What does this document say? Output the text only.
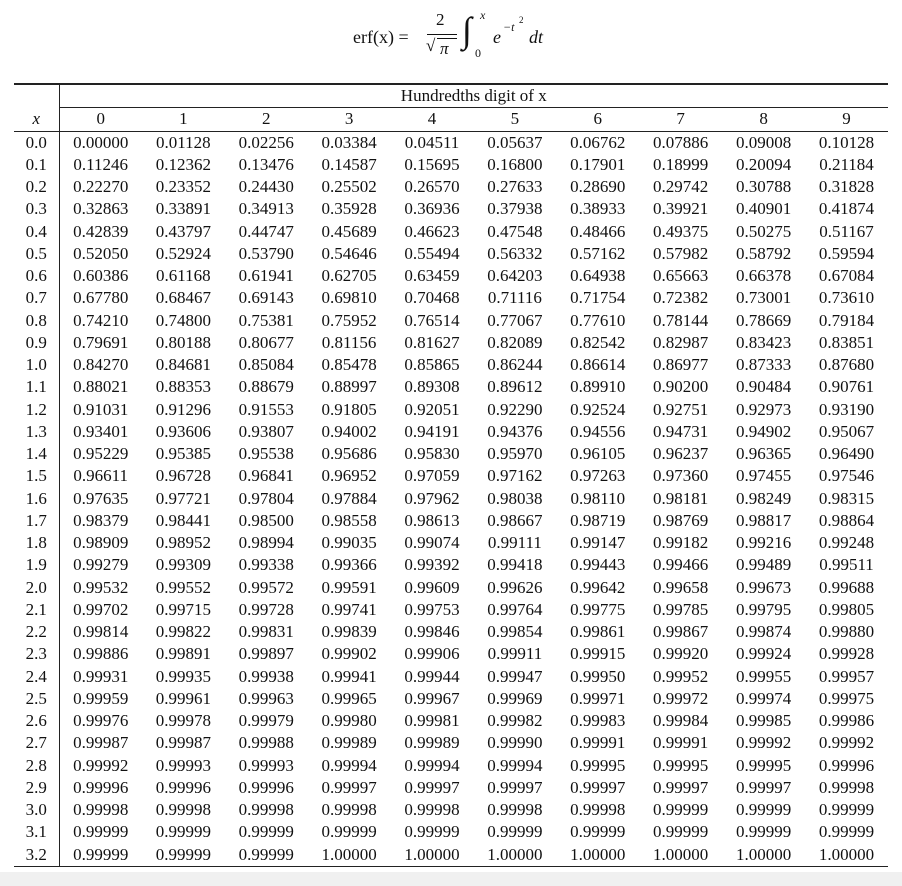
erf(x) =
2
√ π ∫ x
0
e −t 2
dt

	Hundredths digit of x									
x	0	1	2	3	4	5	6	7	8	9
0.0	0.00000	0.01128	0.02256	0.03384	0.04511	0.05637	0.06762	0.07886	0.09008	0.10128
0.1	0.11246	0.12362	0.13476	0.14587	0.15695	0.16800	0.17901	0.18999	0.20094	0.21184
0.2	0.22270	0.23352	0.24430	0.25502	0.26570	0.27633	0.28690	0.29742	0.30788	0.31828
0.3	0.32863	0.33891	0.34913	0.35928	0.36936	0.37938	0.38933	0.39921	0.40901	0.41874
0.4	0.42839	0.43797	0.44747	0.45689	0.46623	0.47548	0.48466	0.49375	0.50275	0.51167
0.5	0.52050	0.52924	0.53790	0.54646	0.55494	0.56332	0.57162	0.57982	0.58792	0.59594
0.6	0.60386	0.61168	0.61941	0.62705	0.63459	0.64203	0.64938	0.65663	0.66378	0.67084
0.7	0.67780	0.68467	0.69143	0.69810	0.70468	0.71116	0.71754	0.72382	0.73001	0.73610
0.8	0.74210	0.74800	0.75381	0.75952	0.76514	0.77067	0.77610	0.78144	0.78669	0.79184
0.9	0.79691	0.80188	0.80677	0.81156	0.81627	0.82089	0.82542	0.82987	0.83423	0.83851
1.0	0.84270	0.84681	0.85084	0.85478	0.85865	0.86244	0.86614	0.86977	0.87333	0.87680
1.1	0.88021	0.88353	0.88679	0.88997	0.89308	0.89612	0.89910	0.90200	0.90484	0.90761
1.2	0.91031	0.91296	0.91553	0.91805	0.92051	0.92290	0.92524	0.92751	0.92973	0.93190
1.3	0.93401	0.93606	0.93807	0.94002	0.94191	0.94376	0.94556	0.94731	0.94902	0.95067
1.4	0.95229	0.95385	0.95538	0.95686	0.95830	0.95970	0.96105	0.96237	0.96365	0.96490
1.5	0.96611	0.96728	0.96841	0.96952	0.97059	0.97162	0.97263	0.97360	0.97455	0.97546
1.6	0.97635	0.97721	0.97804	0.97884	0.97962	0.98038	0.98110	0.98181	0.98249	0.98315
1.7	0.98379	0.98441	0.98500	0.98558	0.98613	0.98667	0.98719	0.98769	0.98817	0.98864
1.8	0.98909	0.98952	0.98994	0.99035	0.99074	0.99111	0.99147	0.99182	0.99216	0.99248
1.9	0.99279	0.99309	0.99338	0.99366	0.99392	0.99418	0.99443	0.99466	0.99489	0.99511
2.0	0.99532	0.99552	0.99572	0.99591	0.99609	0.99626	0.99642	0.99658	0.99673	0.99688
2.1	0.99702	0.99715	0.99728	0.99741	0.99753	0.99764	0.99775	0.99785	0.99795	0.99805
2.2	0.99814	0.99822	0.99831	0.99839	0.99846	0.99854	0.99861	0.99867	0.99874	0.99880
2.3	0.99886	0.99891	0.99897	0.99902	0.99906	0.99911	0.99915	0.99920	0.99924	0.99928
2.4	0.99931	0.99935	0.99938	0.99941	0.99944	0.99947	0.99950	0.99952	0.99955	0.99957
2.5	0.99959	0.99961	0.99963	0.99965	0.99967	0.99969	0.99971	0.99972	0.99974	0.99975
2.6	0.99976	0.99978	0.99979	0.99980	0.99981	0.99982	0.99983	0.99984	0.99985	0.99986
2.7	0.99987	0.99987	0.99988	0.99989	0.99989	0.99990	0.99991	0.99991	0.99992	0.99992
2.8	0.99992	0.99993	0.99993	0.99994	0.99994	0.99994	0.99995	0.99995	0.99995	0.99996
2.9	0.99996	0.99996	0.99996	0.99997	0.99997	0.99997	0.99997	0.99997	0.99997	0.99998
3.0	0.99998	0.99998	0.99998	0.99998	0.99998	0.99998	0.99998	0.99999	0.99999	0.99999
3.1	0.99999	0.99999	0.99999	0.99999	0.99999	0.99999	0.99999	0.99999	0.99999	0.99999
3.2	0.99999	0.99999	0.99999	1.00000	1.00000	1.00000	1.00000	1.00000	1.00000	1.00000
